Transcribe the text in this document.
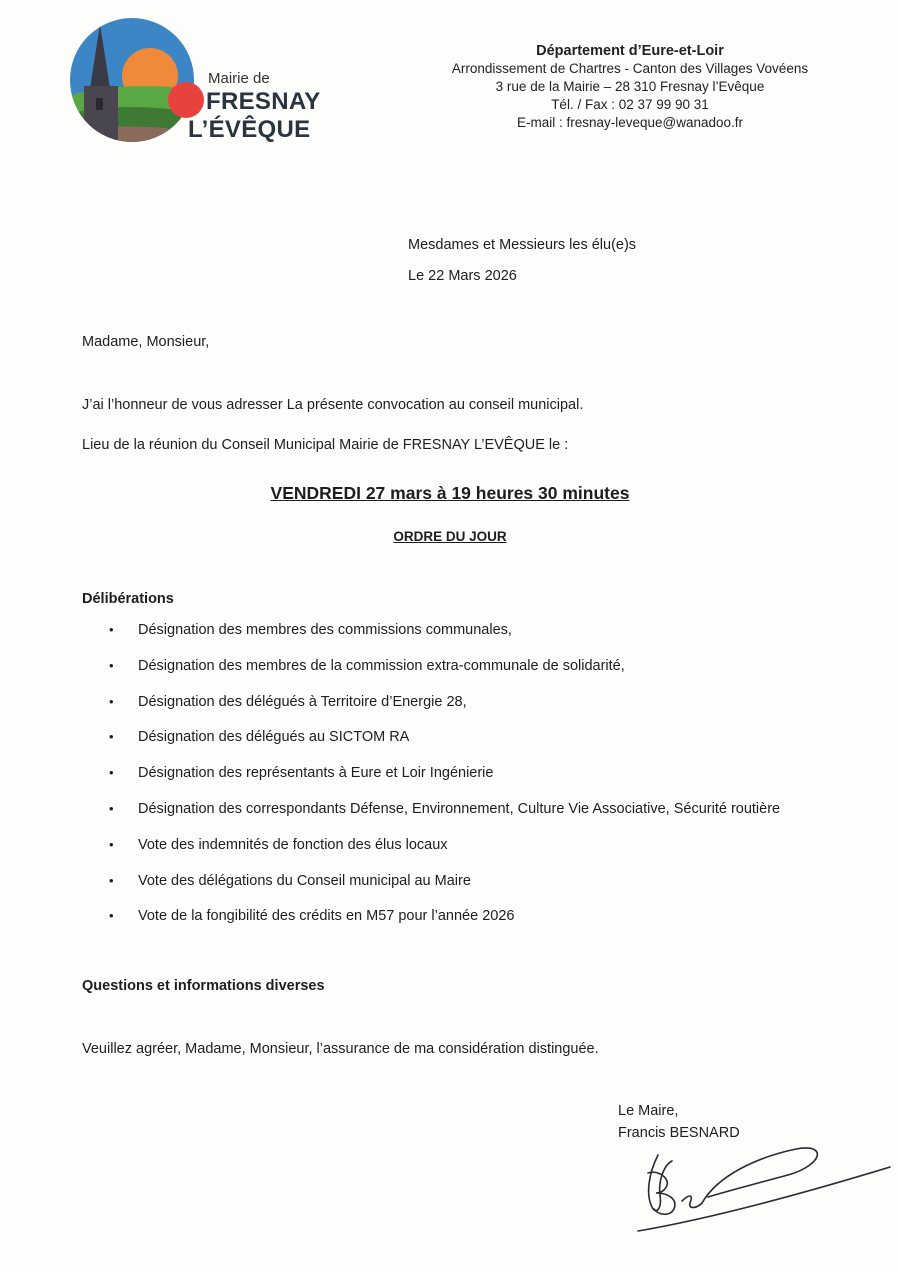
Mairie de
FRESNAY
L’ÉVÊQUE
Département d’Eure-et-Loir
Arrondissement de Chartres - Canton des Villages Vovéens
3 rue de la Mairie – 28 310 Fresnay l’Evêque
Tél. / Fax : 02 37 99 90 31
E-mail : fresnay-leveque@wanadoo.fr
Mesdames et Messieurs les élu(e)s
Le 22 Mars 2026
Madame, Monsieur,
J’ai l’honneur de vous adresser La présente convocation au conseil municipal.
Lieu de la réunion du Conseil Municipal Mairie de FRESNAY L’EVÊQUE le :
VENDREDI 27 mars à 19 heures 30 minutes
ORDRE DU JOUR
Délibérations
• Désignation des membres des commissions communales,
• Désignation des membres de la commission extra-communale de solidarité,
• Désignation des délégués à Territoire d’Energie 28,
• Désignation des délégués au SICTOM RA
• Désignation des représentants à Eure et Loir Ingénierie
• Désignation des correspondants Défense, Environnement, Culture Vie Associative, Sécurité routière
• Vote des indemnités de fonction des élus locaux
• Vote des délégations du Conseil municipal au Maire
• Vote de la fongibilité des crédits en M57 pour l’année 2026
Questions et informations diverses
Veuillez agréer, Madame, Monsieur, l’assurance de ma considération distinguée.
Le Maire,
Francis BESNARD
